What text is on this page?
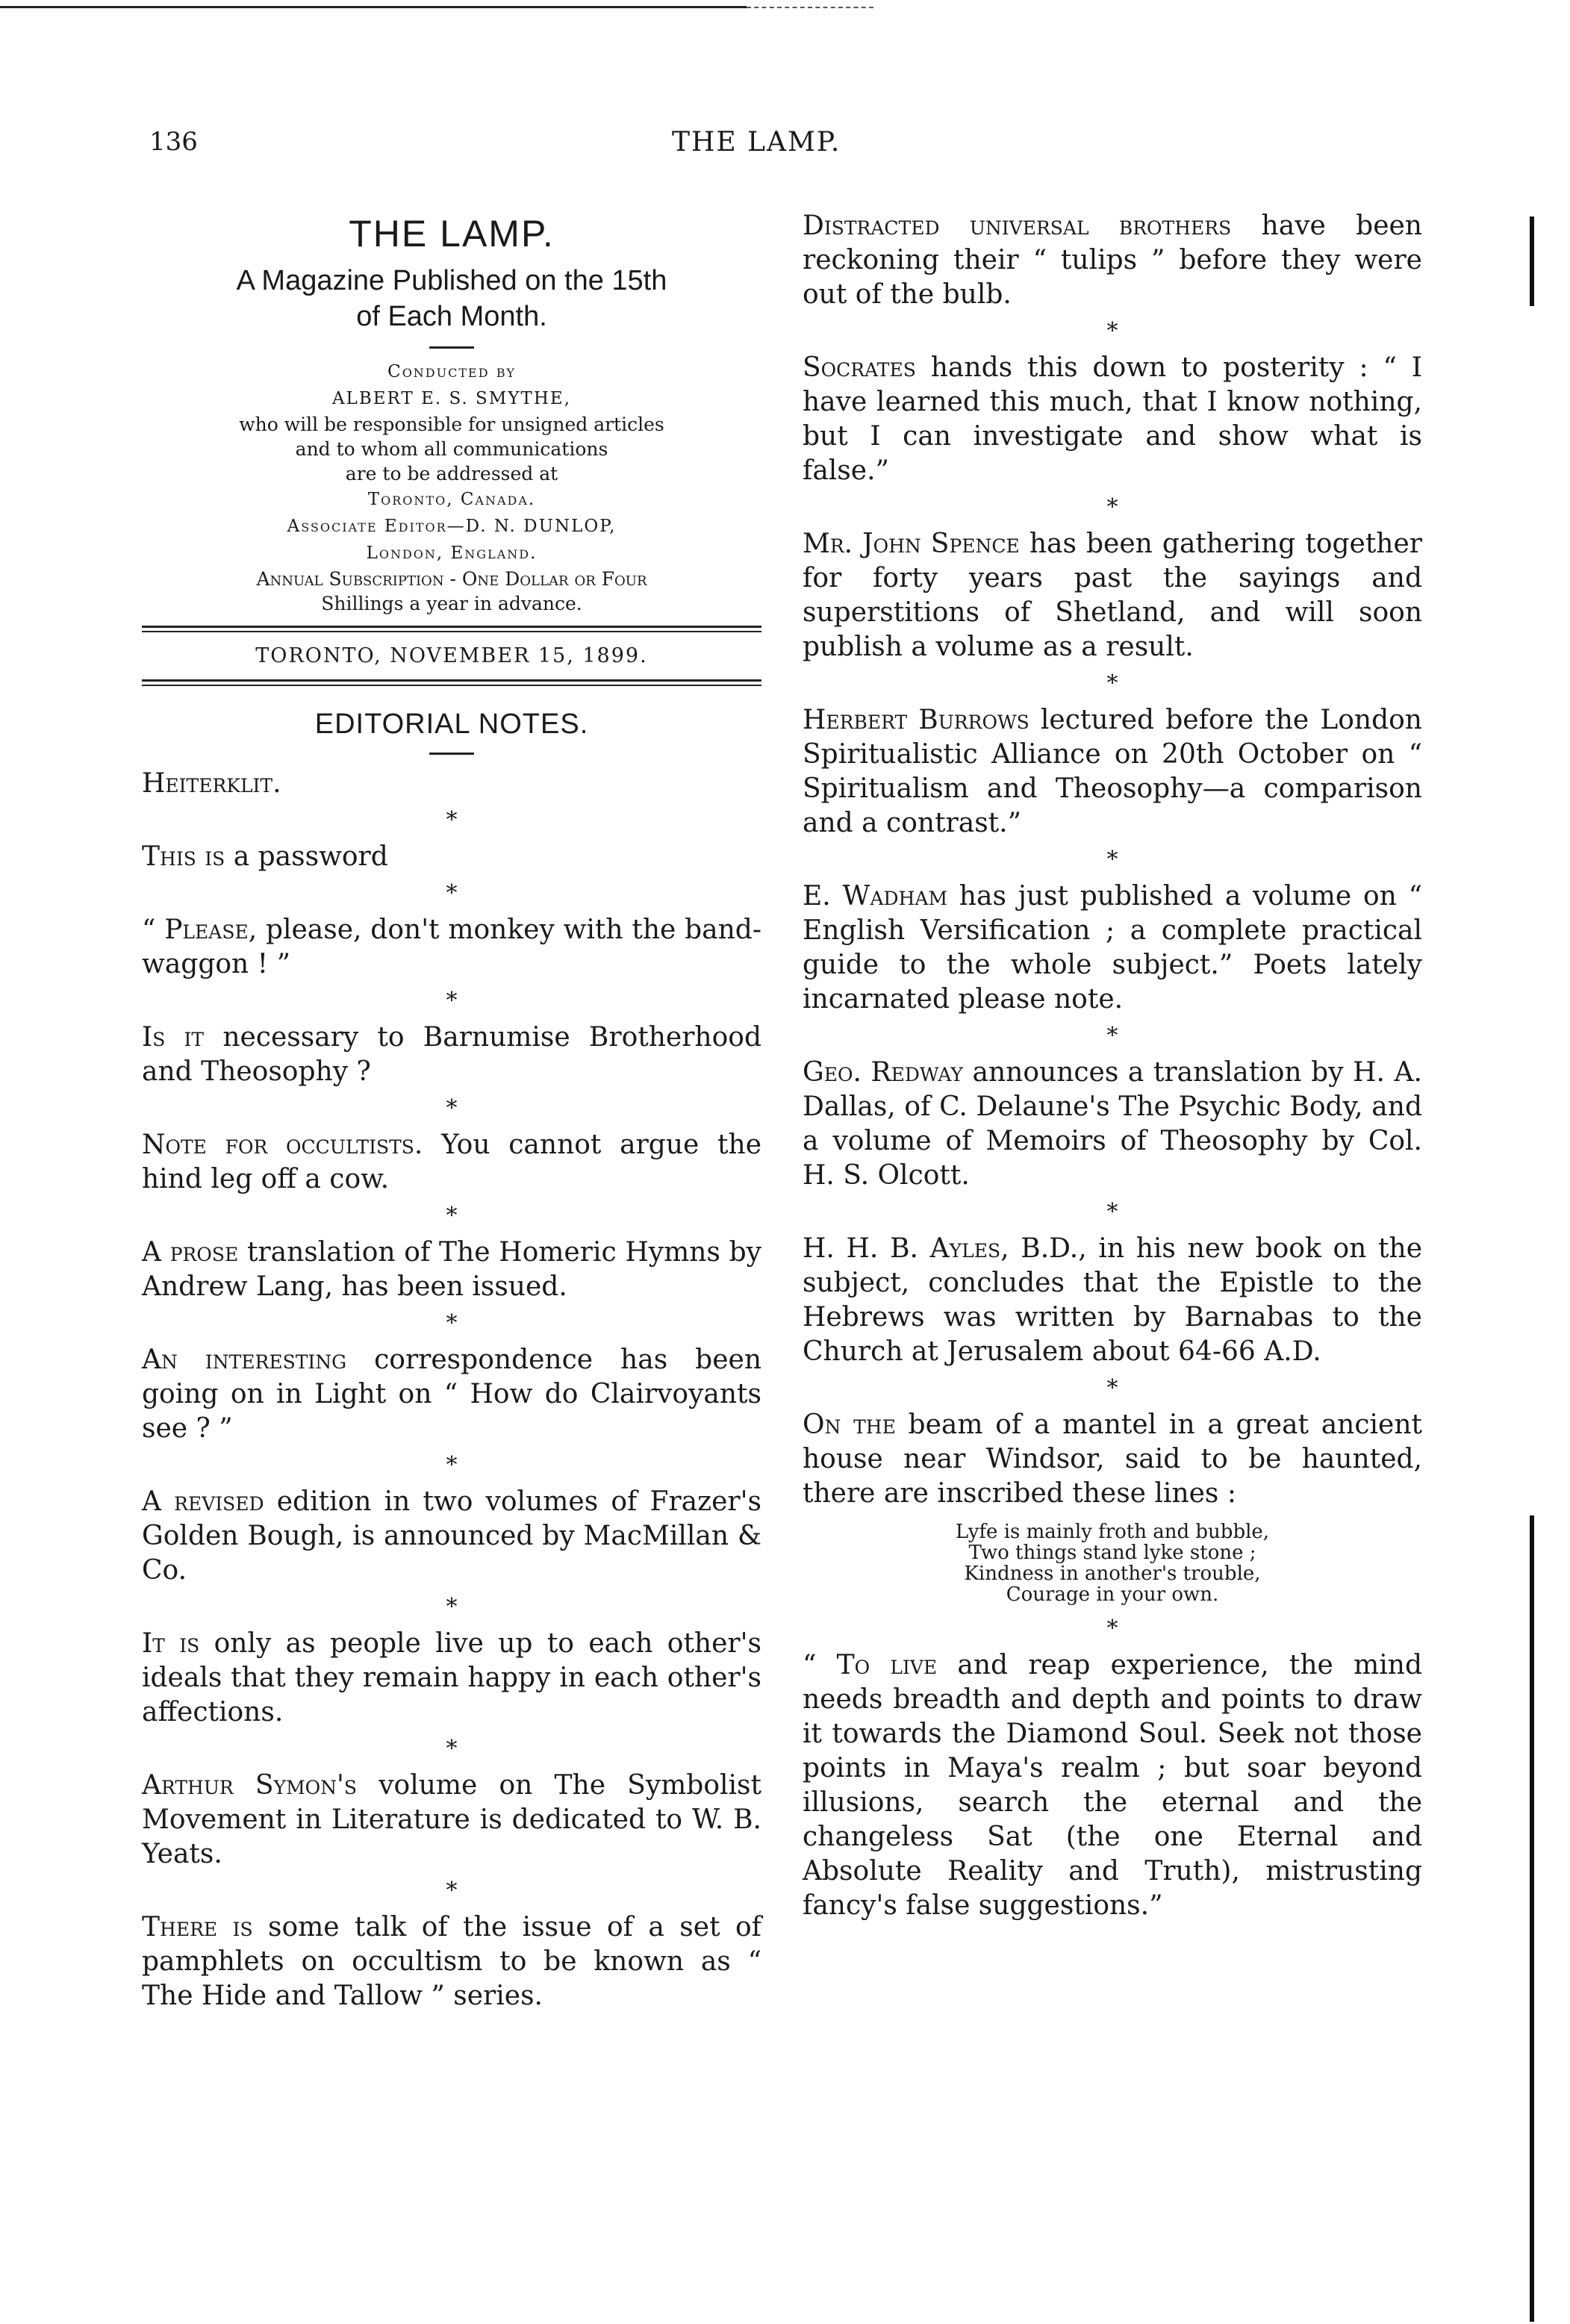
136	THE LAMP.
THE LAMP.
A Magazine Published on the 15th
of Each Month.
Conducted by
ALBERT E. S. SMYTHE,
who will be responsible for unsigned articles
and to whom all communications
are to be addressed at
Toronto, Canada.
Associate Editor—D. N. DUNLOP,
London, England.
Annual Subscription - One Dollar or Four
Shillings a year in advance.
TORONTO, NOVEMBER 15, 1899.
EDITORIAL NOTES.

Heiterklit.

*

This is a password

*

“ Please, please, don't monkey with the band-waggon ! ”

*

Is it necessary to Barnumise Brotherhood and Theosophy ?

*

Note for occultists. You cannot argue the hind leg off a cow.

*

A prose translation of The Homeric Hymns by Andrew Lang, has been issued.

*

An interesting correspondence has been going on in Light on “ How do Clairvoyants see ? ”

*

A revised edition in two volumes of Frazer's Golden Bough, is announced by MacMillan & Co.

*

It is only as people live up to each other's ideals that they remain happy in each other's affections.

*

Arthur Symon's volume on The Symbolist Movement in Literature is dedicated to W. B. Yeats.

*

There is some talk of the issue of a set of pamphlets on occultism to be known as “ The Hide and Tallow ” series.

Distracted universal brothers have been reckoning their “ tulips ” before they were out of the bulb.

*

Socrates hands this down to posterity : “ I have learned this much, that I know nothing, but I can investigate and show what is false.”

*

Mr. John Spence has been gathering together for forty years past the sayings and superstitions of Shetland, and will soon publish a volume as a result.

*

Herbert Burrows lectured before the London Spiritualistic Alliance on 20th October on “ Spiritualism and Theosophy—a comparison and a contrast.”

*

E. Wadham has just published a volume on “ English Versification ; a complete practical guide to the whole subject.” Poets lately incarnated please note.

*

Geo. Redway announces a translation by H. A. Dallas, of C. Delaune's The Psychic Body, and a volume of Memoirs of Theosophy by Col. H. S. Olcott.

*

H. H. B. Ayles, B.D., in his new book on the subject, concludes that the Epistle to the Hebrews was written by Barnabas to the Church at Jerusalem about 64-66 A.D.

*

On the beam of a mantel in a great ancient house near Windsor, said to be haunted, there are inscribed these lines :

Lyfe is mainly froth and bubble,
Two things stand lyke stone ;
Kindness in another's trouble,
Courage in your own.
*

“ To live and reap experience, the mind needs breadth and depth and points to draw it towards the Diamond Soul. Seek not those points in Maya's realm ; but soar beyond illusions, search the eternal and the changeless Sat (the one Eternal and Absolute Reality and Truth), mistrusting fancy's false suggestions.”
